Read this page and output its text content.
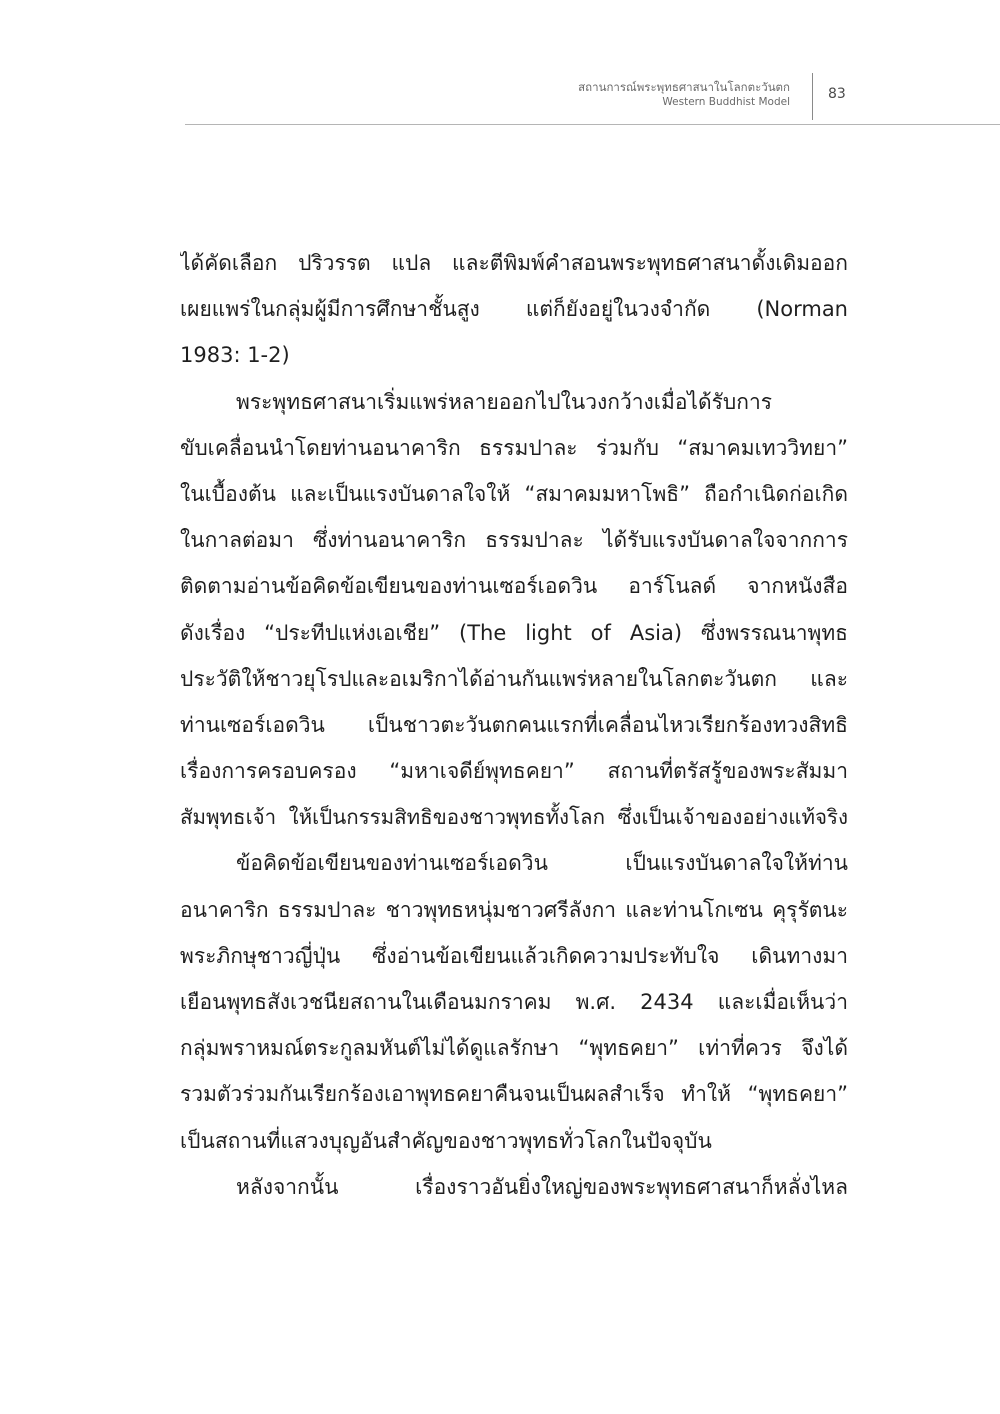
สถานการณ์พระพุทธศาสนาในโลกตะวันตก
Western Buddhist Model	83
ได้คัดเลือก ปริวรรต แปล และตีพิมพ์คำสอนพระพุทธศาสนาดั้งเดิมออก
เผยแพร่ในกลุ่มผู้มีการศึกษาชั้นสูง แต่ก็ยังอยู่ในวงจำกัด (Norman
1983: 1-2)
พระพุทธศาสนาเริ่มแพร่หลายออกไปในวงกว้างเมื่อได้รับการ
ขับเคลื่อนนำโดยท่านอนาคาริก ธรรมปาละ ร่วมกับ “สมาคมเทววิทยา”
ในเบื้องต้น และเป็นแรงบันดาลใจให้ “สมาคมมหาโพธิ” ถือกำเนิดก่อเกิด
ในกาลต่อมา ซึ่งท่านอนาคาริก ธรรมปาละ ได้รับแรงบันดาลใจจากการ
ติดตามอ่านข้อคิดข้อเขียนของท่านเซอร์เอดวิน อาร์โนลด์ จากหนังสือ
ดังเรื่อง “ประทีปแห่งเอเชีย” (The light of Asia) ซึ่งพรรณนาพุทธ
ประวัติให้ชาวยุโรปและอเมริกาได้อ่านกันแพร่หลายในโลกตะวันตก และ
ท่านเซอร์เอดวิน เป็นชาวตะวันตกคนแรกที่เคลื่อนไหวเรียกร้องทวงสิทธิ
เรื่องการครอบครอง “มหาเจดีย์พุทธคยา” สถานที่ตรัสรู้ของพระสัมมา
สัมพุทธเจ้า ให้เป็นกรรมสิทธิของชาวพุทธทั้งโลก ซึ่งเป็นเจ้าของอย่างแท้จริง
ข้อคิดข้อเขียนของท่านเซอร์เอดวิน เป็นแรงบันดาลใจให้ท่าน
อนาคาริก ธรรมปาละ ชาวพุทธหนุ่มชาวศรีลังกา และท่านโกเซน คุรุรัตนะ
พระภิกษุชาวญี่ปุ่น ซึ่งอ่านข้อเขียนแล้วเกิดความประทับใจ เดินทางมา
เยือนพุทธสังเวชนียสถานในเดือนมกราคม พ.ศ. 2434 และเมื่อเห็นว่า
กลุ่มพราหมณ์ตระกูลมหันต์ไม่ได้ดูแลรักษา “พุทธคยา” เท่าที่ควร จึงได้
รวมตัวร่วมกันเรียกร้องเอาพุทธคยาคืนจนเป็นผลสำเร็จ ทำให้ “พุทธคยา”
เป็นสถานที่แสวงบุญอันสำคัญของชาวพุทธทั่วโลกในปัจจุบัน
หลังจากนั้น เรื่องราวอันยิ่งใหญ่ของพระพุทธศาสนาก็หลั่งไหล
